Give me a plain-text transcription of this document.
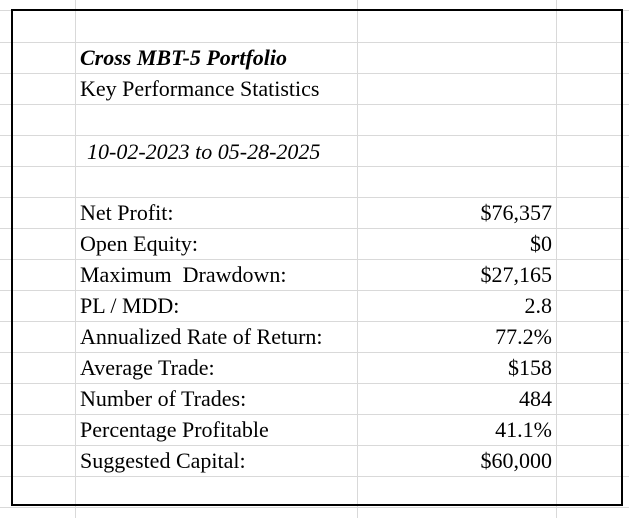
Cross MBT-5 Portfolio
Key Performance Statistics
10-02-2023 to 05-28-2025
Net Profit:	$76,357
Open Equity:	$0
Maximum  Drawdown:	$27,165
PL / MDD:	2.8
Annualized Rate of Return:	77.2%
Average Trade:	$158
Number of Trades:	484
Percentage Profitable	41.1%
Suggested Capital:	$60,000
